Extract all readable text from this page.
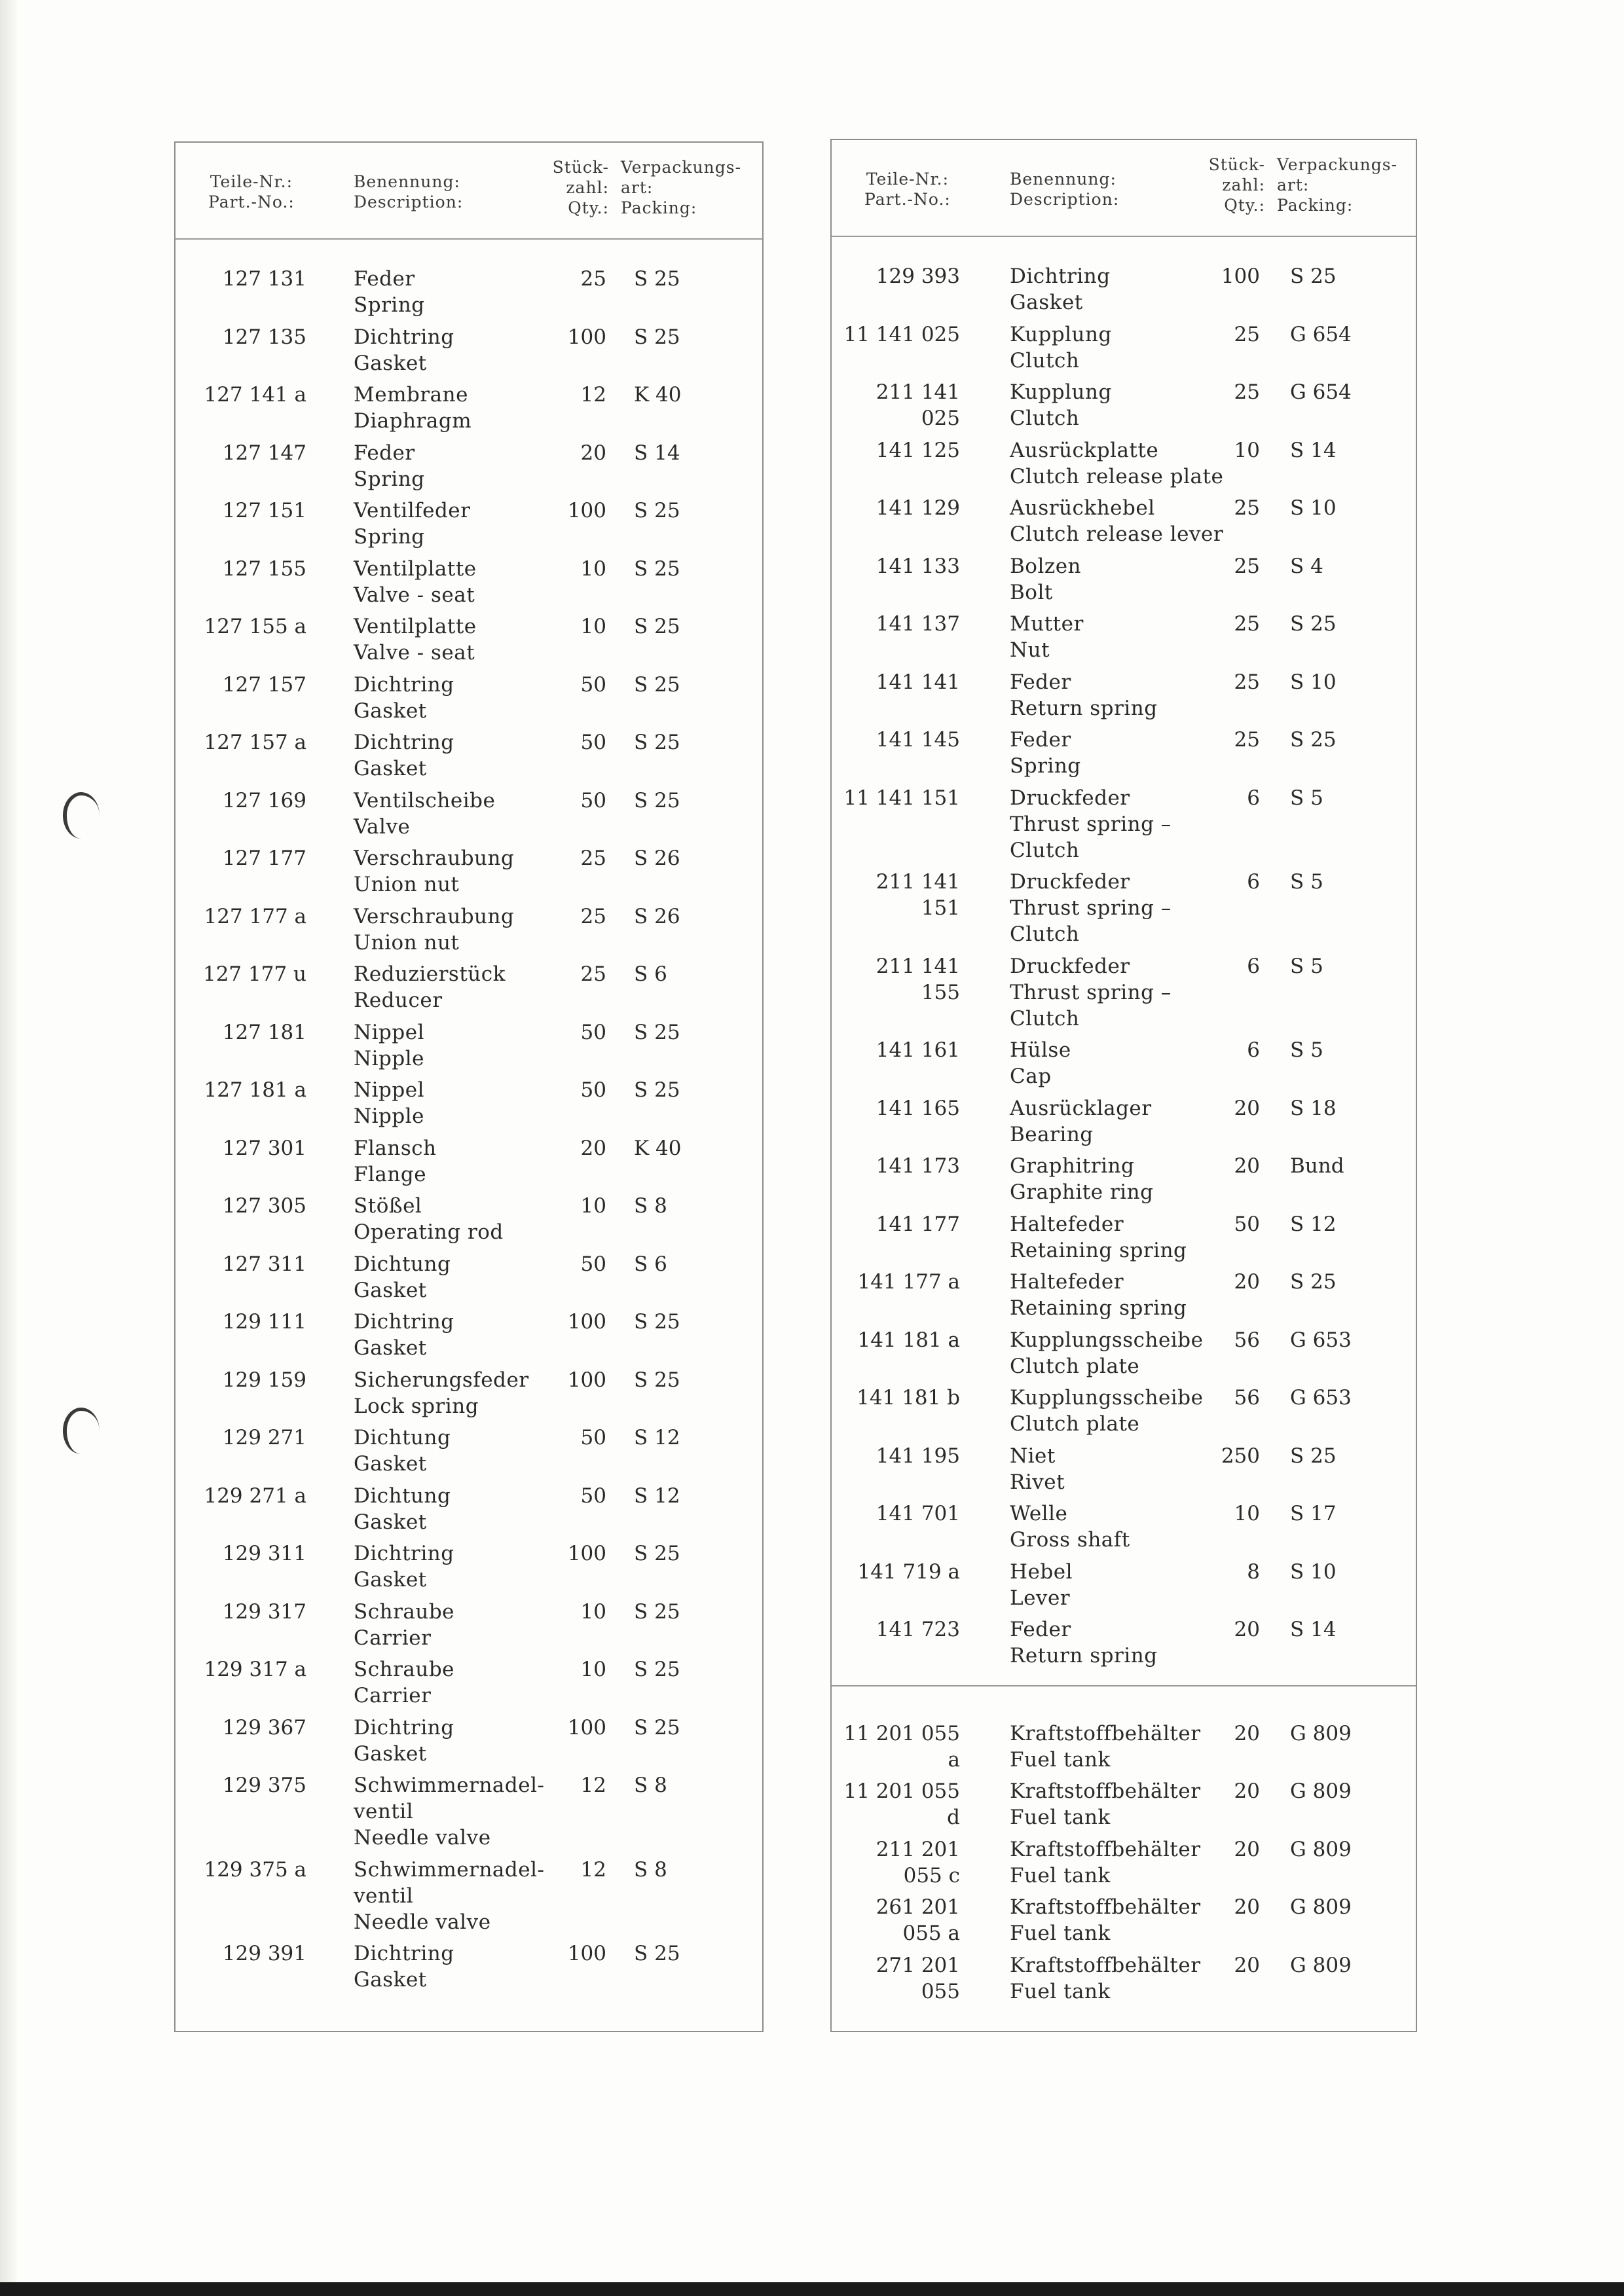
Teile-Nr.:
Part.-No.:
Benennung:
Description:
Stück-
zahl:
Qty.:
Verpackungs-
art:
Packing:
127 131 Feder
Spring
25 S 25
127 135 Dichtring
Gasket
100 S 25
127 141 a Membrane
Diaphragm
12 K 40
127 147 Feder
Spring
20 S 14
127 151 Ventilfeder
Spring
100 S 25
127 155 Ventilplatte
Valve - seat
10 S 25
127 155 a Ventilplatte
Valve - seat
10 S 25
127 157 Dichtring
Gasket
50 S 25
127 157 a Dichtring
Gasket
50 S 25
127 169 Ventilscheibe
Valve
50 S 25
127 177 Verschraubung
Union nut
25 S 26
127 177 a Verschraubung
Union nut
25 S 26
127 177 u Reduzierstück
Reducer
25 S 6
127 181 Nippel
Nipple
50 S 25
127 181 a Nippel
Nipple
50 S 25
127 301 Flansch
Flange
20 K 40
127 305 Stößel
Operating rod
10 S 8
127 311 Dichtung
Gasket
50 S 6
129 111 Dichtring
Gasket
100 S 25
129 159 Sicherungsfeder
Lock spring
100 S 25
129 271 Dichtung
Gasket
50 S 12
129 271 a Dichtung
Gasket
50 S 12
129 311 Dichtring
Gasket
100 S 25
129 317 Schraube
Carrier
10 S 25
129 317 a Schraube
Carrier
10 S 25
129 367 Dichtring
Gasket
100 S 25
129 375 Schwimmernadel-
ventil
Needle valve
12 S 8
129 375 a Schwimmernadel-
ventil
Needle valve
12 S 8
129 391 Dichtring
Gasket
100 S 25
Teile-Nr.:
Part.-No.:
Benennung:
Description:
Stück-
zahl:
Qty.:
Verpackungs-
art:
Packing:
129 393 Dichtring
Gasket
100 S 25
11 141 025 Kupplung
Clutch
25 G 654
211 141 025
Kupplung
Clutch
25 G 654
141 125 Ausrückplatte
Clutch release plate
10 S 14
141 129 Ausrückhebel
Clutch release lever
25 S 10
141 133 Bolzen
Bolt
25 S 4
141 137 Mutter
Nut
25 S 25
141 141 Feder
Return spring
25 S 10
141 145 Feder
Spring
25 S 25
11 141 151 Druckfeder
Thrust spring –
Clutch
6 S 5
211 141 151
Druckfeder
Thrust spring –
Clutch
6 S 5
211 141 155
Druckfeder
Thrust spring –
Clutch
6 S 5
141 161 Hülse
Cap
6 S 5
141 165 Ausrücklager
Bearing
20 S 18
141 173 Graphitring
Graphite ring
20 Bund
141 177 Haltefeder
Retaining spring
50 S 12
141 177 a Haltefeder
Retaining spring
20 S 25
141 181 a Kupplungsscheibe
Clutch plate
56 G 653
141 181 b Kupplungsscheibe
Clutch plate
56 G 653
141 195 Niet
Rivet
250 S 25
141 701 Welle
Gross shaft
10 S 17
141 719 a Hebel
Lever
8 S 10
141 723 Feder
Return spring
20 S 14
11 201 055 a
Kraftstoffbehälter
Fuel tank
20 G 809
11 201 055 d
Kraftstoffbehälter
Fuel tank
20 G 809
211 201 055 c
Kraftstoffbehälter
Fuel tank
20 G 809
261 201 055 a
Kraftstoffbehälter
Fuel tank
20 G 809
271 201 055
Kraftstoffbehälter
Fuel tank
20 G 809
